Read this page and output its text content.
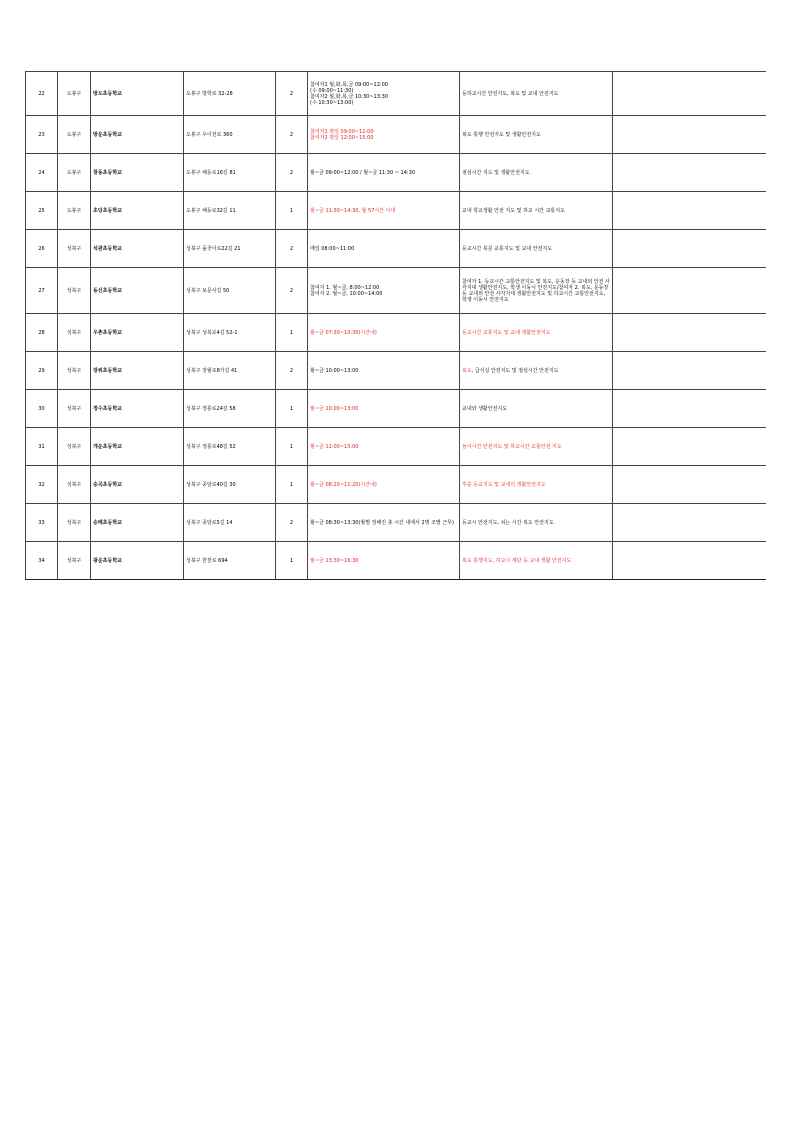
22	도봉구	방도초등학교	도봉구 방학로 32-28	2	참여자1 월,화,목,금 09:00~12:00
(수 09:00~11:30)
참여자2 월,화,목,금 10:30~13:30
(수 10:30~13:00)	등하교시간 안전지도, 복도 및 교내 안전지도	
23	도봉구	방운초등학교	도봉구 우이천로 360	2	참여자1 평일 09:00~12:00
참여자2 평일 12:00~15:00	복도 통행 안전지도 및 생활안전지도	
24	도봉구	창동초등학교	도봉구 해등로16길 81	2	월~금 09:00~12:00 / 월~금 11:30 ~ 14:30	점심시간 지도 및 생활안전지도	
25	도봉구	초당초등학교	도봉구 해등로32길 11	1	월~금 11:30~14:30, 월 57시간 이내	교내 학교생활 안전 지도 및 하교 시간 교통지도	
26	성북구	석관초등학교	성북구 돌곶이로22길 21	2	매일 08:00~11:00	등교시간 북문 교통지도 및 교내 안전지도	
27	성북구	동신초등학교	성북구 보문사길 50	2	참여자 1. 월~금, 8:00~12:00
참여자 2. 월~금, 10:00~14:00	참여자 1. 등교시간 교통안전지도 및 복도, 운동장 등 교내외 안전 사각지대 생활안전지도, 학생 이동시 안전지도/참여자 2. 복도, 운동장 등 교내외 안전 사각지대 생활안전지도 및 하교시간 교통안전지도, 학생 이동시 안전지도	
28	성북구	우촌초등학교	성북구 성북로4길 52-1	1	월~금 07:30~10:30(시간내)	등교시간 교통지도 및 교내 생활안전지도	
29	성북구	장위초등학교	성북구 장월로8가길 41	2	월~금 10:00~13:00	복도, 급식실 안전지도 및 점심시간 안전지도	
30	성북구	정수초등학교	성북구 정릉로24길 58	1	월~금 10:00~13:00	교내외 생활안전지도	
31	성북구	개운초등학교	성북구 정릉로48길 52	1	월~금 12:00~15:00	놀이시간 안전지도 및 하교시간 교통안전 지도	
32	성북구	숭곡초등학교	성북구 종암로40길 30	1	월~금 08:20~11:20(시간내)	후문 등교지도 및 교내의 생활안전지도	
33	성북구	숭례초등학교	성북구 종암로5길 14	2	월~금 08:30~13:30(월별 정해진 총 시간 내에서 2명 조별 근무)	등교시 안전지도, 쉬는 시간 복도 안전지도	
34	성북구	광운초등학교	성북구 한천로 694	1	월~금 13:30~16:30	복도 통행지도, 하교시 계단 등 교내 생활 안전지도	
